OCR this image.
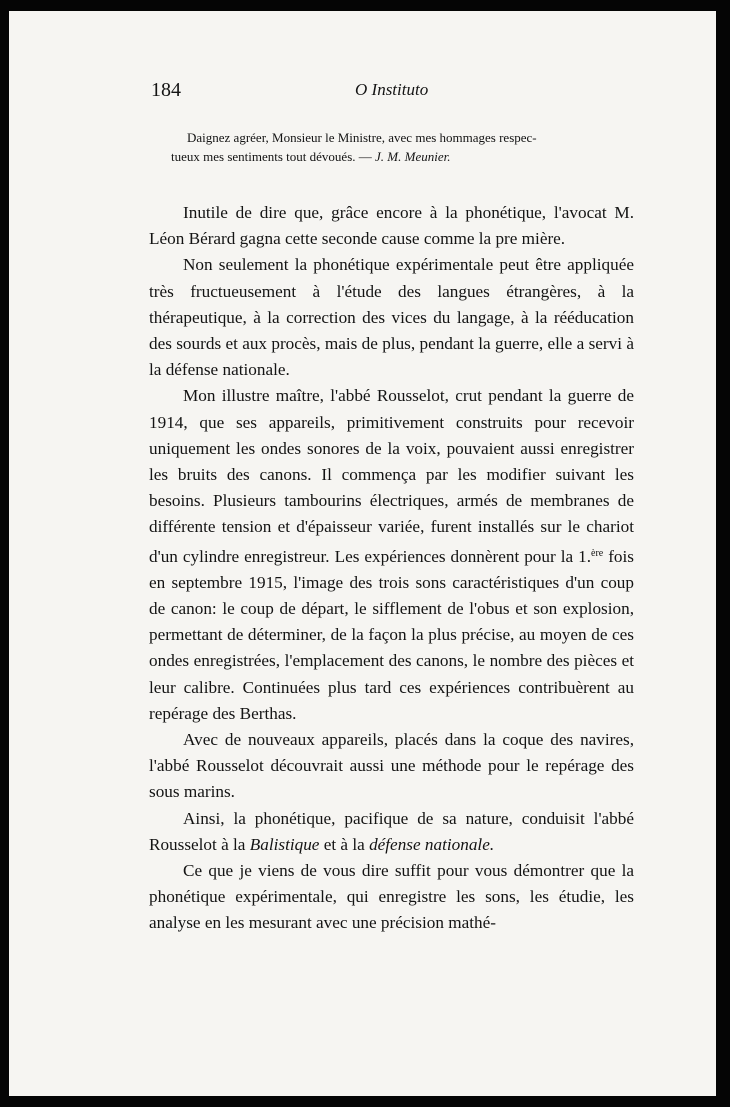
184	O Instituto
Daignez agréer, Monsieur le Ministre, avec mes hommages respec-
tueux mes sentiments tout dévoués. — J. M. Meunier.

Inutile de dire que, grâce encore à la phonétique, l'avocat M. Léon Bérard gagna cette seconde cause comme la pre mière.

Non seulement la phonétique expérimentale peut être appliquée très fructueusement à l'étude des langues étrangères, à la thérapeutique, à la correction des vices du langage, à la rééducation des sourds et aux procès, mais de plus, pendant la guerre, elle a servi à la défense nationale.

Mon illustre maître, l'abbé Rousselot, crut pendant la guerre de 1914, que ses appareils, primitivement construits pour recevoir uniquement les ondes sonores de la voix, pouvaient aussi enregistrer les bruits des canons. Il commença par les modifier suivant les besoins. Plusieurs tambourins électriques, armés de membranes de différente tension et d'épaisseur variée, furent installés sur le chariot d'un cylindre enregistreur. Les expériences donnèrent pour la 1.$^{ère}$ fois en septembre 1915, l'image des trois sons caractéristiques d'un coup de canon: le coup de départ, le sifflement de l'obus et son explosion, permettant de déterminer, de la façon la plus précise, au moyen de ces ondes enregistrées, l'emplacement des canons, le nombre des pièces et leur calibre. Continuées plus tard ces expériences contribuèrent au repérage des Berthas.

Avec de nouveaux appareils, placés dans la coque des navires, l'abbé Rousselot découvrait aussi une méthode pour le repérage des sous marins.

Ainsi, la phonétique, pacifique de sa nature, conduisit l'abbé Rousselot à la Balistique et à la défense nationale.

Ce que je viens de vous dire suffit pour vous démontrer que la phonétique expérimentale, qui enregistre les sons, les étudie, les analyse en les mesurant avec une précision mathé-
